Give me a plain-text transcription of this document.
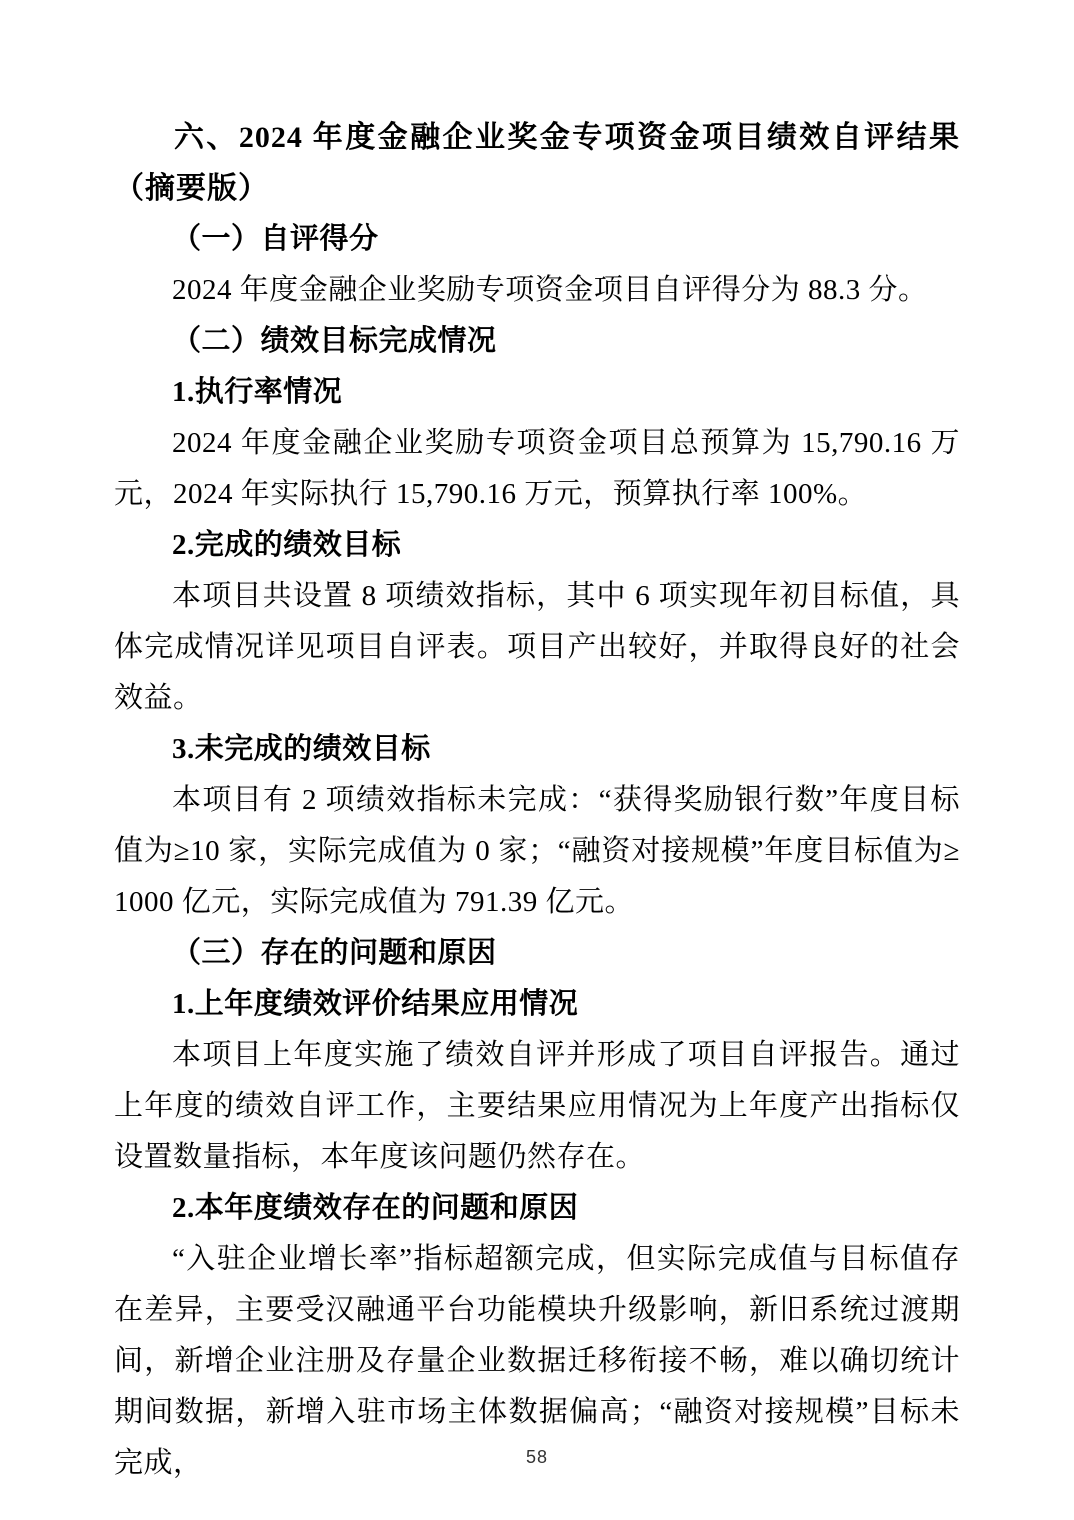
六、2024 年度金融企业奖金专项资金项目绩效自评结果（摘要版）

（一）自评得分

2024 年度金融企业奖励专项资金项目自评得分为 88.3 分。

（二）绩效目标完成情况

1.执行率情况

2024 年度金融企业奖励专项资金项目总预算为 15,790.16 万元，2024 年实际执行 15,790.16 万元，预算执行率 100%。

2.完成的绩效目标

本项目共设置 8 项绩效指标，其中 6 项实现年初目标值，具体完成情况详见项目自评表。项目产出较好，并取得良好的社会效益。

3.未完成的绩效目标

本项目有 2 项绩效指标未完成：“获得奖励银行数”年度目标值为≥10 家，实际完成值为 0 家；“融资对接规模”年度目标值为≥1000 亿元，实际完成值为 791.39 亿元。

（三）存在的问题和原因

1.上年度绩效评价结果应用情况

本项目上年度实施了绩效自评并形成了项目自评报告。通过上年度的绩效自评工作，主要结果应用情况为上年度产出指标仅设置数量指标，本年度该问题仍然存在。

2.本年度绩效存在的问题和原因

“入驻企业增长率”指标超额完成，但实际完成值与目标值存在差异，主要受汉融通平台功能模块升级影响，新旧系统过渡期间，新增企业注册及存量企业数据迁移衔接不畅，难以确切统计期间数据，新增入驻市场主体数据偏高；“融资对接规模”目标未完成，	58
